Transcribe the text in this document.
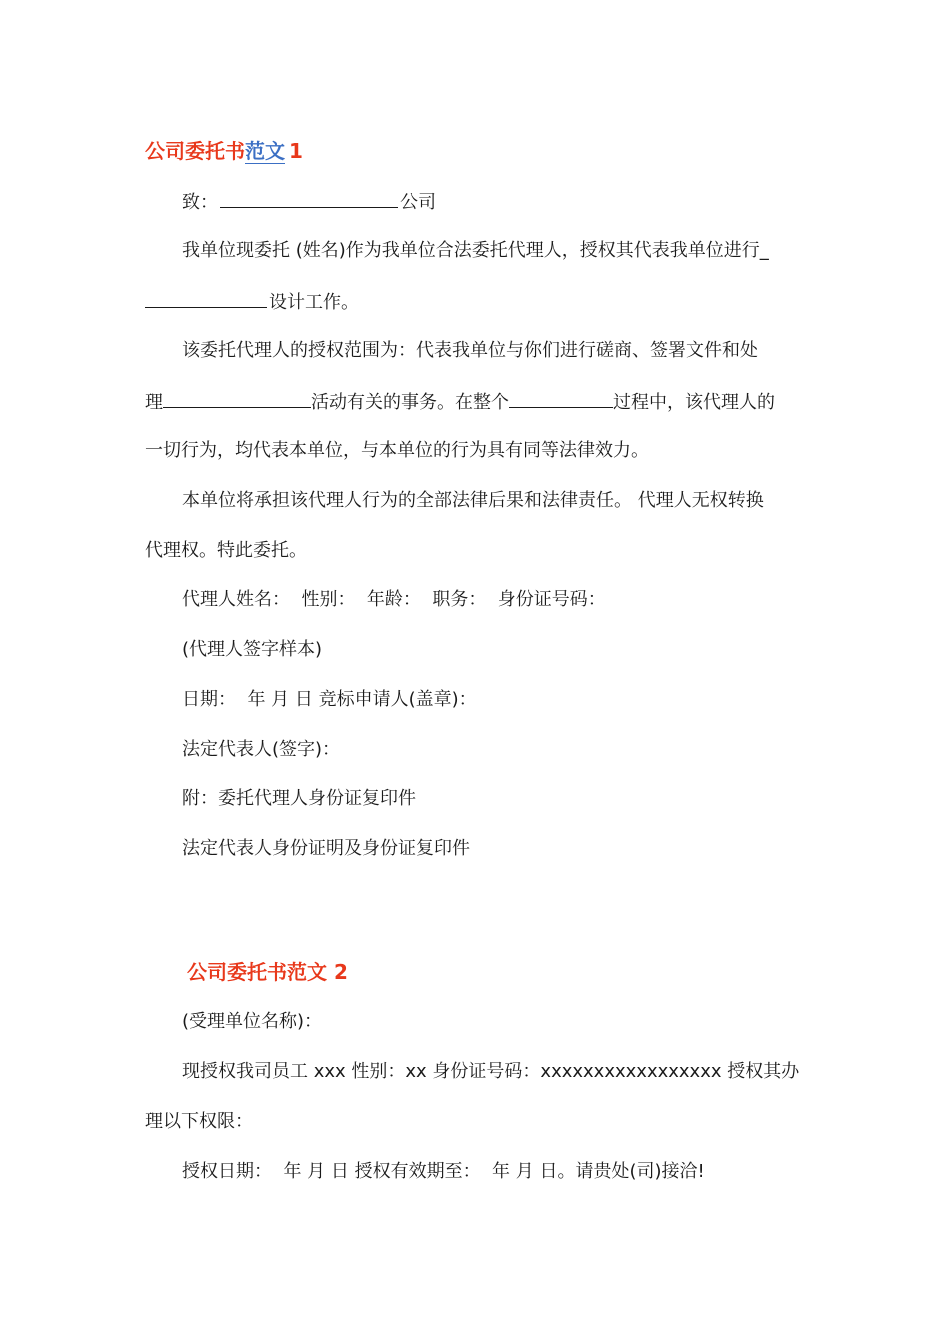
公司委托书范文 1
致：	公司
我单位现委托 (姓名)作为我单位合法委托代理人，授权其代表我单位进行_
设计工作。
该委托代理人的授权范围为：代表我单位与你们进行磋商、签署文件和处
理	活动有关的事务。在整个	过程中，该代理人的
一切行为，均代表本单位，与本单位的行为具有同等法律效力。
本单位将承担该代理人行为的全部法律后果和法律责任。 代理人无权转换
代理权。特此委托。
代理人姓名：  性别：  年龄：  职务：  身份证号码：
(代理人签字样本)
日期：  年 月 日 竞标申请人(盖章)：
法定代表人(签字)：
附：委托代理人身份证复印件
法定代表人身份证明及身份证复印件
公司委托书范文 2
(受理单位名称)：
现授权我司员工 xxx 性别：xx 身份证号码：xxxxxxxxxxxxxxxxx 授权其办
理以下权限：
授权日期：  年 月 日 授权有效期至：  年 月 日。请贵处(司)接洽!
